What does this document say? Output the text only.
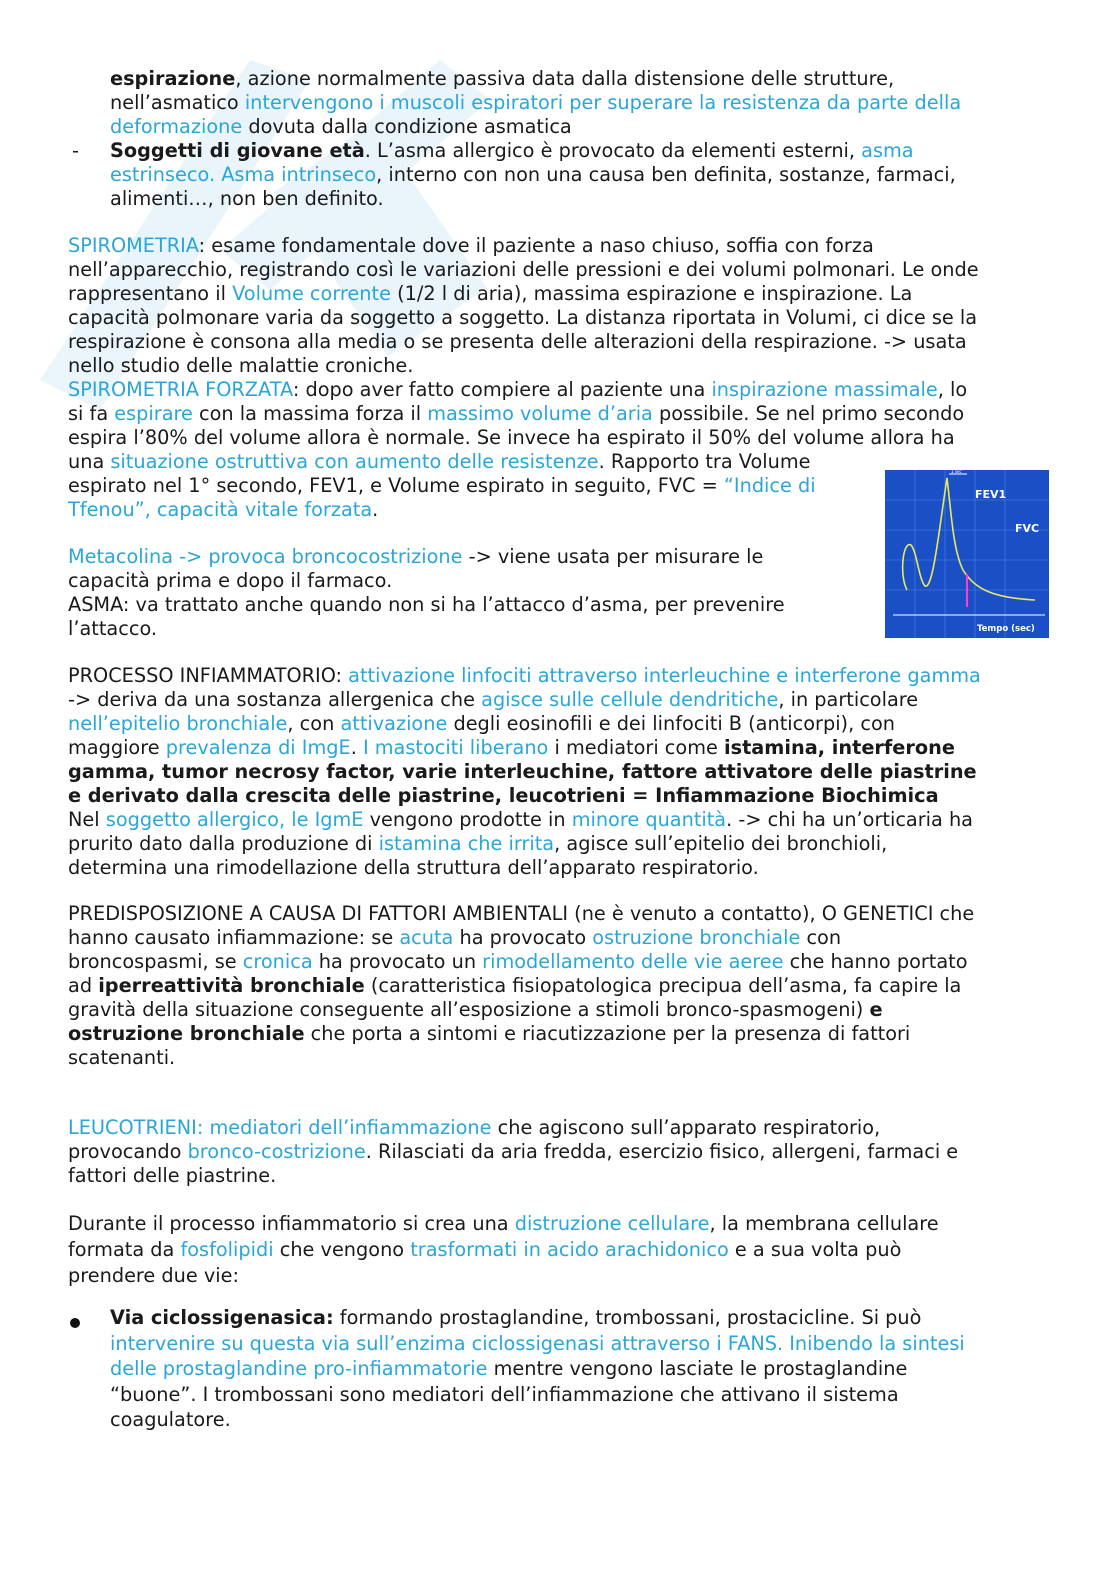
espirazione, azione normalmente passiva data dalla distensione delle strutture,
nell’asmatico intervengono i muscoli espiratori per superare la resistenza da parte della
deformazione dovuta dalla condizione asmatica
- Soggetti di giovane età. L’asma allergico è provocato da elementi esterni, asma
estrinseco. Asma intrinseco, interno con non una causa ben definita, sostanze, farmaci,
alimenti…, non ben definito.
SPIROMETRIA: esame fondamentale dove il paziente a naso chiuso, soffia con forza
nell’apparecchio, registrando così le variazioni delle pressioni e dei volumi polmonari. Le onde
rappresentano il Volume corrente (1/2 l di aria), massima espirazione e inspirazione. La
capacità polmonare varia da soggetto a soggetto. La distanza riportata in Volumi, ci dice se la
respirazione è consona alla media o se presenta delle alterazioni della respirazione. -> usata
nello studio delle malattie croniche.
SPIROMETRIA FORZATA: dopo aver fatto compiere al paziente una inspirazione massimale, lo
si fa espirare con la massima forza il massimo volume d’aria possibile. Se nel primo secondo
espira l’80% del volume allora è normale. Se invece ha espirato il 50% del volume allora ha
una situazione ostruttiva con aumento delle resistenze. Rapporto tra Volume
espirato nel 1° secondo, FEV1, e Volume espirato in seguito, FVC = “Indice di
Tfenou”, capacità vitale forzata.
1 sec
FEV1
FVC
Tempo (sec)
Metacolina -> provoca broncocostrizione -> viene usata per misurare le
capacità prima e dopo il farmaco.
ASMA: va trattato anche quando non si ha l’attacco d’asma, per prevenire
l’attacco.
PROCESSO INFIAMMATORIO: attivazione linfociti attraverso interleuchine e interferone gamma
-> deriva da una sostanza allergenica che agisce sulle cellule dendritiche, in particolare
nell’epitelio bronchiale, con attivazione degli eosinofili e dei linfociti B (anticorpi), con
maggiore prevalenza di ImgE. I mastociti liberano i mediatori come istamina, interferone
gamma, tumor necrosy factor, varie interleuchine, fattore attivatore delle piastrine
e derivato dalla crescita delle piastrine, leucotrieni = Infiammazione Biochimica
Nel soggetto allergico, le IgmE vengono prodotte in minore quantità. -> chi ha un’orticaria ha
prurito dato dalla produzione di istamina che irrita, agisce sull’epitelio dei bronchioli,
determina una rimodellazione della struttura dell’apparato respiratorio.
PREDISPOSIZIONE A CAUSA DI FATTORI AMBIENTALI (ne è venuto a contatto), O GENETICI che
hanno causato infiammazione: se acuta ha provocato ostruzione bronchiale con
broncospasmi, se cronica ha provocato un rimodellamento delle vie aeree che hanno portato
ad iperreattività bronchiale (caratteristica fisiopatologica precipua dell’asma, fa capire la
gravità della situazione conseguente all’esposizione a stimoli bronco-spasmogeni) e
ostruzione bronchiale che porta a sintomi e riacutizzazione per la presenza di fattori
scatenanti.
LEUCOTRIENI: mediatori dell’infiammazione che agiscono sull’apparato respiratorio,
provocando bronco-costrizione. Rilasciati da aria fredda, esercizio fisico, allergeni, farmaci e
fattori delle piastrine.
Durante il processo infiammatorio si crea una distruzione cellulare, la membrana cellulare
formata da fosfolipidi che vengono trasformati in acido arachidonico e a sua volta può
prendere due vie:
Via ciclossigenasica: formando prostaglandine, trombossani, prostacicline. Si può
intervenire su questa via sull’enzima ciclossigenasi attraverso i FANS. Inibendo la sintesi
delle prostaglandine pro-infiammatorie mentre vengono lasciate le prostaglandine
“buone”. I trombossani sono mediatori dell’infiammazione che attivano il sistema
coagulatore.
